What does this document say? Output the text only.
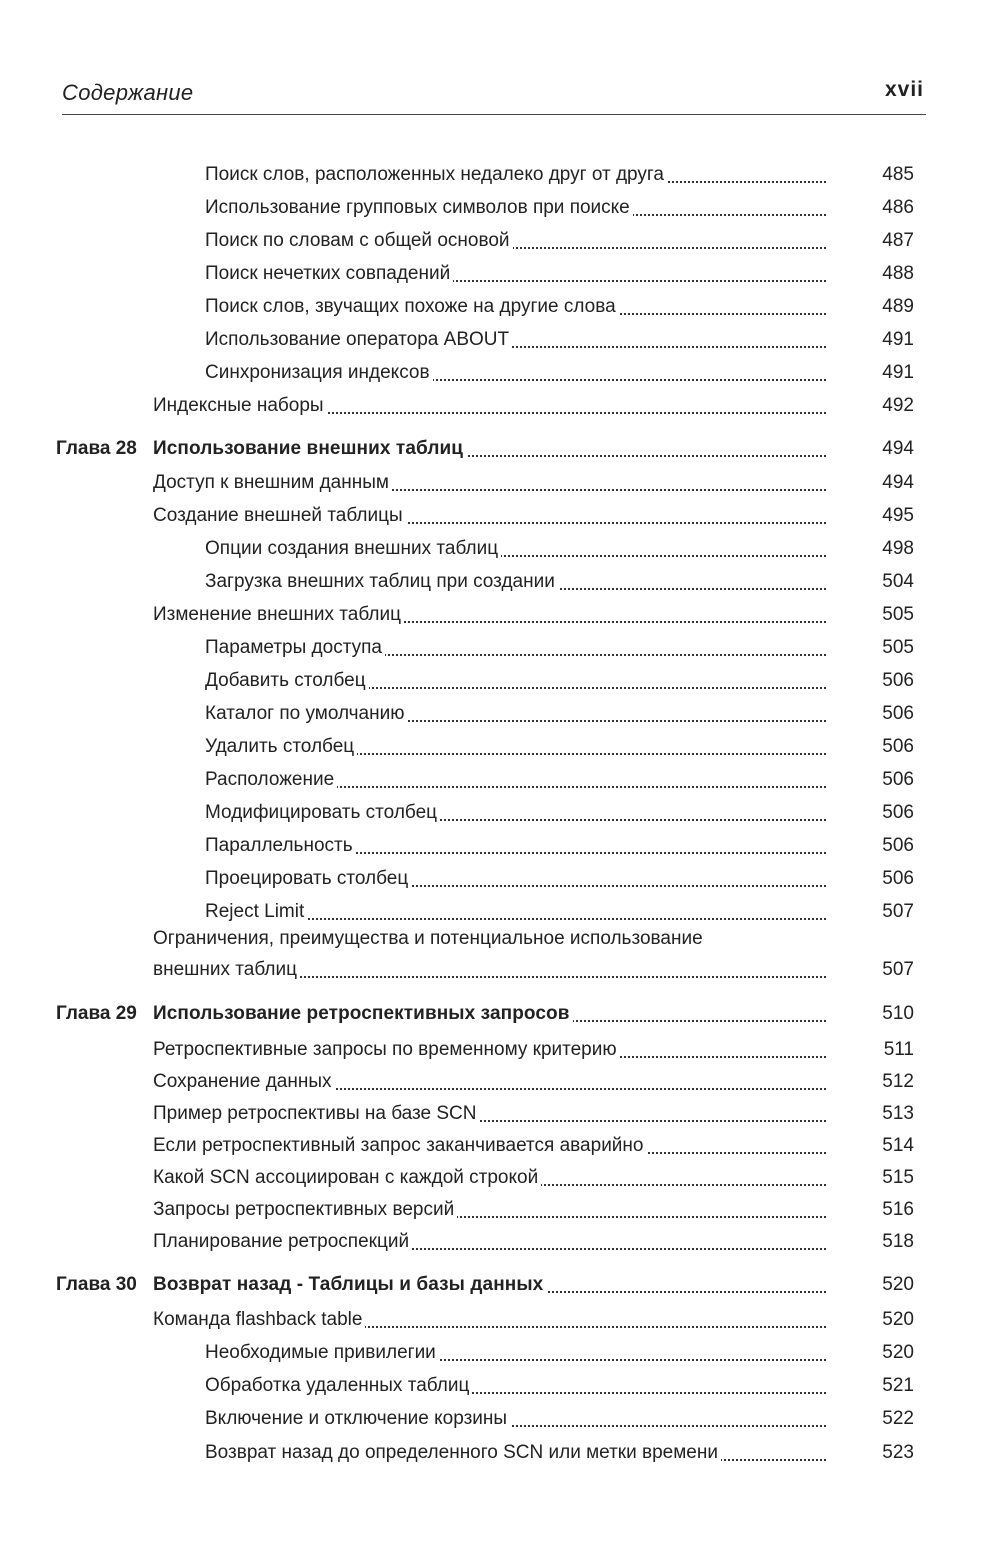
Содержание	xvii
Поиск слов, расположенных недалеко друг от друга	485
Использование групповых символов при поиске	486
Поиск по словам с общей основой	487
Поиск нечетких совпадений	488
Поиск слов, звучащих похоже на другие слова	489
Использование оператора ABOUT	491
Синхронизация индексов	491
Индексные наборы	492
Глава 28 Использование внешних таблиц	494
Доступ к внешним данным	494
Создание внешней таблицы	495
Опции создания внешних таблиц	498
Загрузка внешних таблиц при создании	504
Изменение внешних таблиц	505
Параметры доступа	505
Добавить столбец	506
Каталог по умолчанию	506
Удалить столбец	506
Расположение	506
Модифицировать столбец	506
Параллельность	506
Проецировать столбец	506
Reject Limit	507
Ограничения, преимущества и потенциальное использование
внешних таблиц	507
Глава 29 Использование ретроспективных запросов	510
Ретроспективные запросы по временному критерию	511
Сохранение данных	512
Пример ретроспективы на базе SCN	513
Если ретроспективный запрос заканчивается аварийно	514
Какой SCN ассоциирован с каждой строкой	515
Запросы ретроспективных версий	516
Планирование ретроспекций	518
Глава 30 Возврат назад - Таблицы и базы данных	520
Команда flashback table	520
Необходимые привилегии	520
Обработка удаленных таблиц	521
Включение и отключение корзины	522
Возврат назад до определенного SCN или метки времени	523
